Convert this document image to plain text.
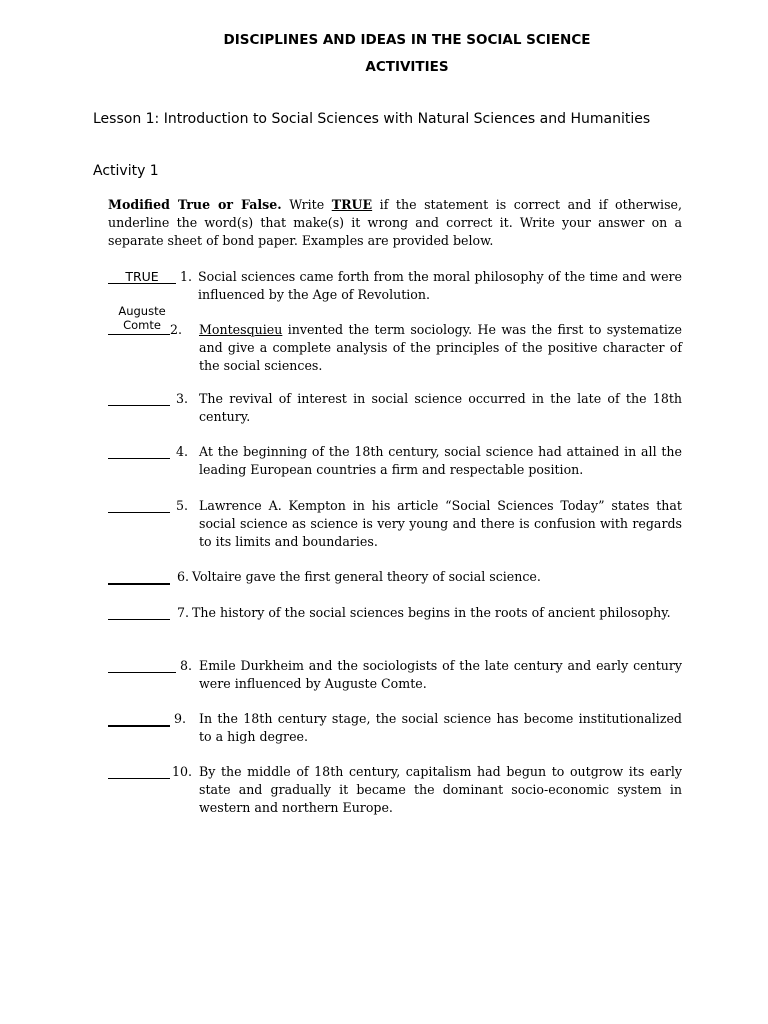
DISCIPLINES AND IDEAS IN THE SOCIAL SCIENCE
ACTIVITIES
Lesson 1: Introduction to Social Sciences with Natural Sciences and Humanities
Activity 1
Modified True or False. Write TRUE if the statement is correct and if otherwise, underline the word(s) that make(s) it wrong and correct it. Write your answer on a separate sheet of bond paper. Examples are provided below.
TRUE	1. Social sciences came forth from the moral philosophy of the time and were influenced by the Age of Revolution.
Auguste Comte 2. Montesquieu invented the term sociology. He was the first to systematize and give a complete analysis of the principles of the positive character of the social sciences.
3. The revival of interest in social science occurred in the late of the 18th century.
4. At the beginning of the 18th century, social science had attained in all the leading European countries a firm and respectable position.
5. Lawrence A. Kempton in his article “Social Sciences Today” states that social science as science is very young and there is confusion with regards to its limits and boundaries.
6. Voltaire gave the first general theory of social science.
7. The history of the social sciences begins in the roots of ancient philosophy.
8. Emile Durkheim and the sociologists of the late century and early century were influenced by Auguste Comte.
9. In the 18th century stage, the social science has become institutionalized to a high degree.
10. By the middle of 18th century, capitalism had begun to outgrow its early state and gradually it became the dominant socio-economic system in western and northern Europe.
